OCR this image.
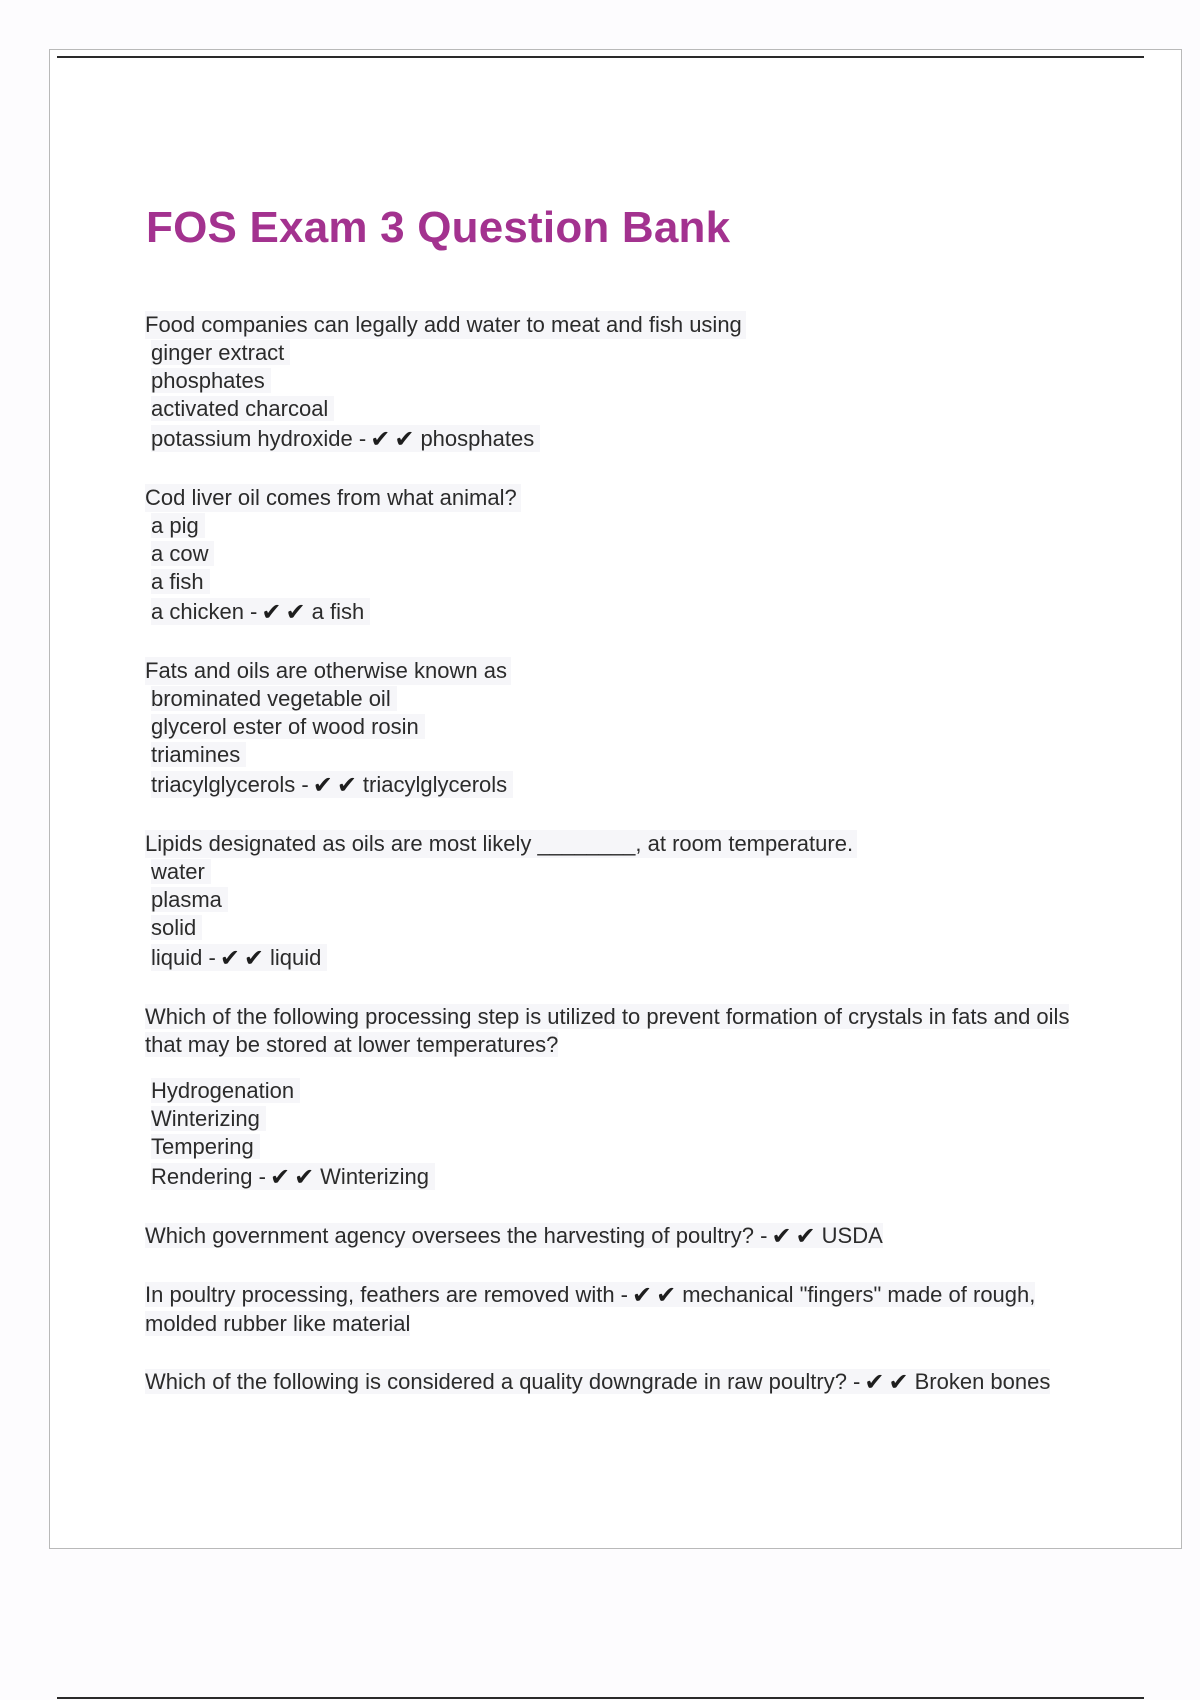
FOS Exam 3 Question Bank
Food companies can legally add water to meat and fish using
ginger extract
phosphates
activated charcoal
potassium hydroxide - ✔✔phosphates
Cod liver oil comes from what animal?
a pig
a cow
a fish
a chicken - ✔✔a fish
Fats and oils are otherwise known as
brominated vegetable oil
glycerol ester of wood rosin
triamines
triacylglycerols - ✔✔triacylglycerols
Lipids designated as oils are most likely ________, at room temperature.
water
plasma
solid
liquid - ✔✔liquid
Which of the following processing step is utilized to prevent formation of crystals in fats and oils that may be stored at lower temperatures?
Hydrogenation
Winterizing
Tempering
Rendering - ✔✔Winterizing
Which government agency oversees the harvesting of poultry? - ✔✔USDA
In poultry processing, feathers are removed with - ✔✔mechanical "fingers" made of rough, molded rubber like material
Which of the following is considered a quality downgrade in raw poultry? - ✔✔Broken bones
